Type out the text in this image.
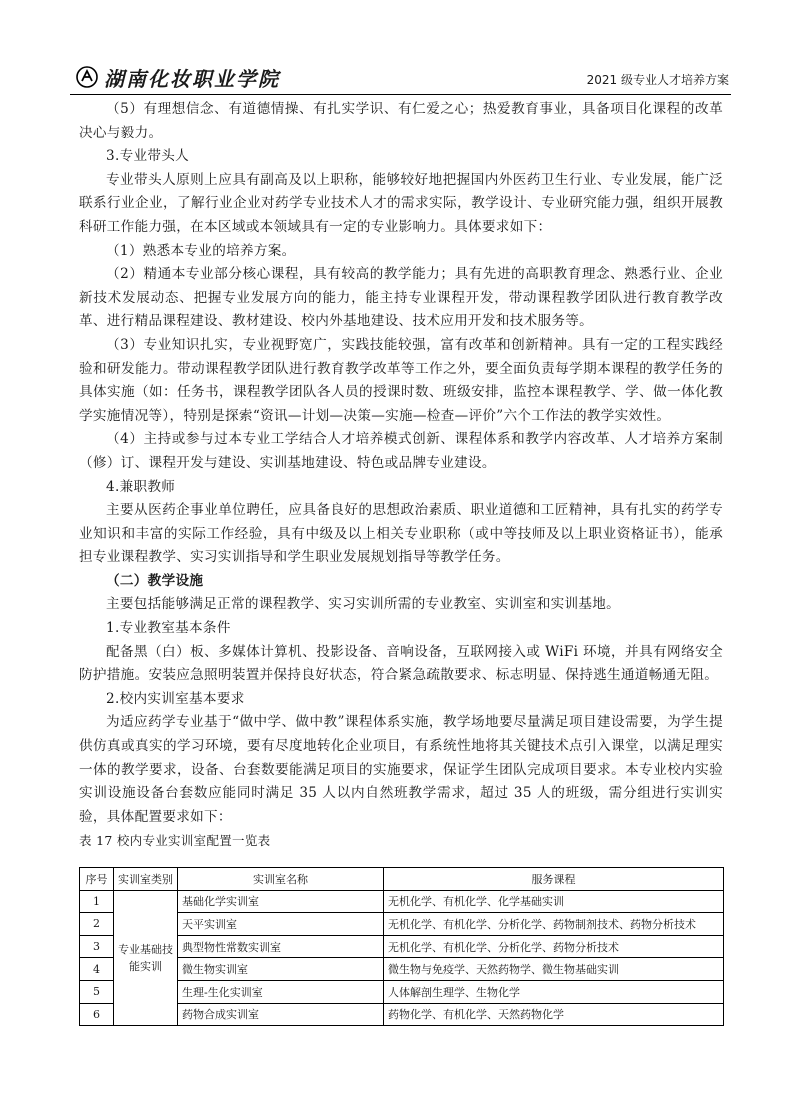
湖南化妆职业学院	2021 级专业人才培养方案

（5）有理想信念、有道德情操、有扎实学识、有仁爱之心；热爱教育事业，具备项目化课程的改革决心与毅力。

3.专业带头人

专业带头人原则上应具有副高及以上职称，能够较好地把握国内外医药卫生行业、专业发展，能广泛联系行业企业，了解行业企业对药学专业技术人才的需求实际，教学设计、专业研究能力强，组织开展教科研工作能力强，在本区域或本领域具有一定的专业影响力。具体要求如下：

（1）熟悉本专业的培养方案。

（2）精通本专业部分核心课程，具有较高的教学能力；具有先进的高职教育理念、熟悉行业、企业新技术发展动态、把握专业发展方向的能力，能主持专业课程开发，带动课程教学团队进行教育教学改革、进行精品课程建设、教材建设、校内外基地建设、技术应用开发和技术服务等。

（3）专业知识扎实，专业视野宽广，实践技能较强，富有改革和创新精神。具有一定的工程实践经验和研发能力。带动课程教学团队进行教育教学改革等工作之外，要全面负责每学期本课程的教学任务的具体实施（如：任务书，课程教学团队各人员的授课时数、班级安排，监控本课程教学、学、做一体化教学实施情况等），特别是探索“资讯—计划—决策—实施—检查—评价”六个工作法的教学实效性。

（4）主持或参与过本专业工学结合人才培养模式创新、课程体系和教学内容改革、人才培养方案制（修）订、课程开发与建设、实训基地建设、特色或品牌专业建设。

4.兼职教师

主要从医药企事业单位聘任，应具备良好的思想政治素质、职业道德和工匠精神，具有扎实的药学专业知识和丰富的实际工作经验，具有中级及以上相关专业职称（或中等技师及以上职业资格证书），能承担专业课程教学、实习实训指导和学生职业发展规划指导等教学任务。

（二）教学设施

主要包括能够满足正常的课程教学、实习实训所需的专业教室、实训室和实训基地。

1.专业教室基本条件

配备黑（白）板、多媒体计算机、投影设备、音响设备，互联网接入或 WiFi 环境，并具有网络安全防护措施。安装应急照明装置并保持良好状态，符合紧急疏散要求、标志明显、保持逃生通道畅通无阻。

2.校内实训室基本要求

为适应药学专业基于“做中学、做中教”课程体系实施，教学场地要尽量满足项目建设需要，为学生提供仿真或真实的学习环境，要有尽度地转化企业项目，有系统性地将其关键技术点引入课堂，以满足理实一体的教学要求，设备、台套数要能满足项目的实施要求，保证学生团队完成项目要求。本专业校内实验实训设施设备台套数应能同时满足 35 人以内自然班教学需求，超过 35 人的班级，需分组进行实训实验，具体配置要求如下：

表 17 校内专业实训室配置一览表

序号	实训室类别	实训室名称	服务课程
1	专业基础技能实训	基础化学实训室	无机化学、有机化学、化学基础实训
2		天平实训室	无机化学、有机化学、分析化学、药物制剂技术、药物分析技术
3		典型物性常数实训室	无机化学、有机化学、分析化学、药物分析技术
4		微生物实训室	微生物与免疫学、天然药物学、微生物基础实训
5		生理-生化实训室	人体解剖生理学、生物化学
6		药物合成实训室	药物化学、有机化学、天然药物化学
